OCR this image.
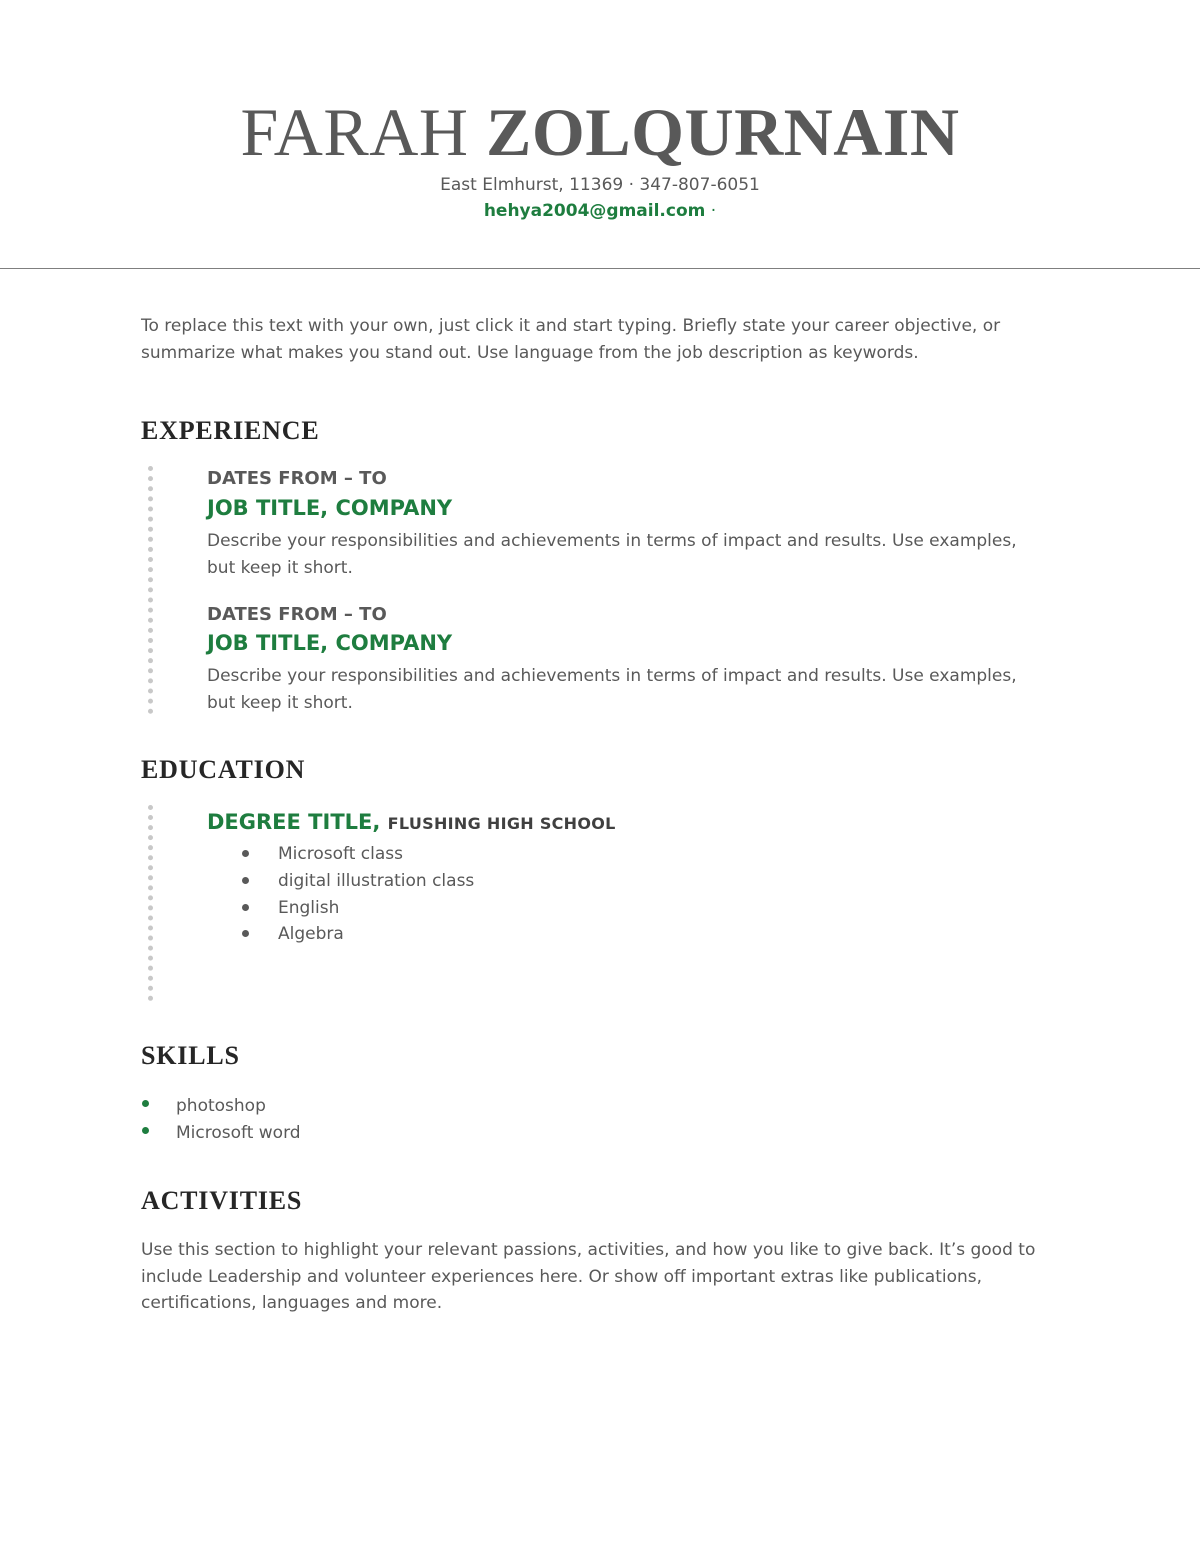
FARAH ZOLQURNAIN
East Elmhurst, 11369 · 347-807-6051
hehya2004@gmail.com ·
To replace this text with your own, just click it and start typing. Briefly state your career objective, or
summarize what makes you stand out. Use language from the job description as keywords.
EXPERIENCE
DATES FROM – TO
JOB TITLE, COMPANY
Describe your responsibilities and achievements in terms of impact and results. Use examples,
but keep it short.
DATES FROM – TO
JOB TITLE, COMPANY
Describe your responsibilities and achievements in terms of impact and results. Use examples,
but keep it short.
EDUCATION
DEGREE TITLE, FLUSHING HIGH SCHOOL
Microsoft class
digital illustration class
English
Algebra
SKILLS
photoshop
Microsoft word
ACTIVITIES
Use this section to highlight your relevant passions, activities, and how you like to give back. It’s good to
include Leadership and volunteer experiences here. Or show off important extras like publications,
certifications, languages and more.
